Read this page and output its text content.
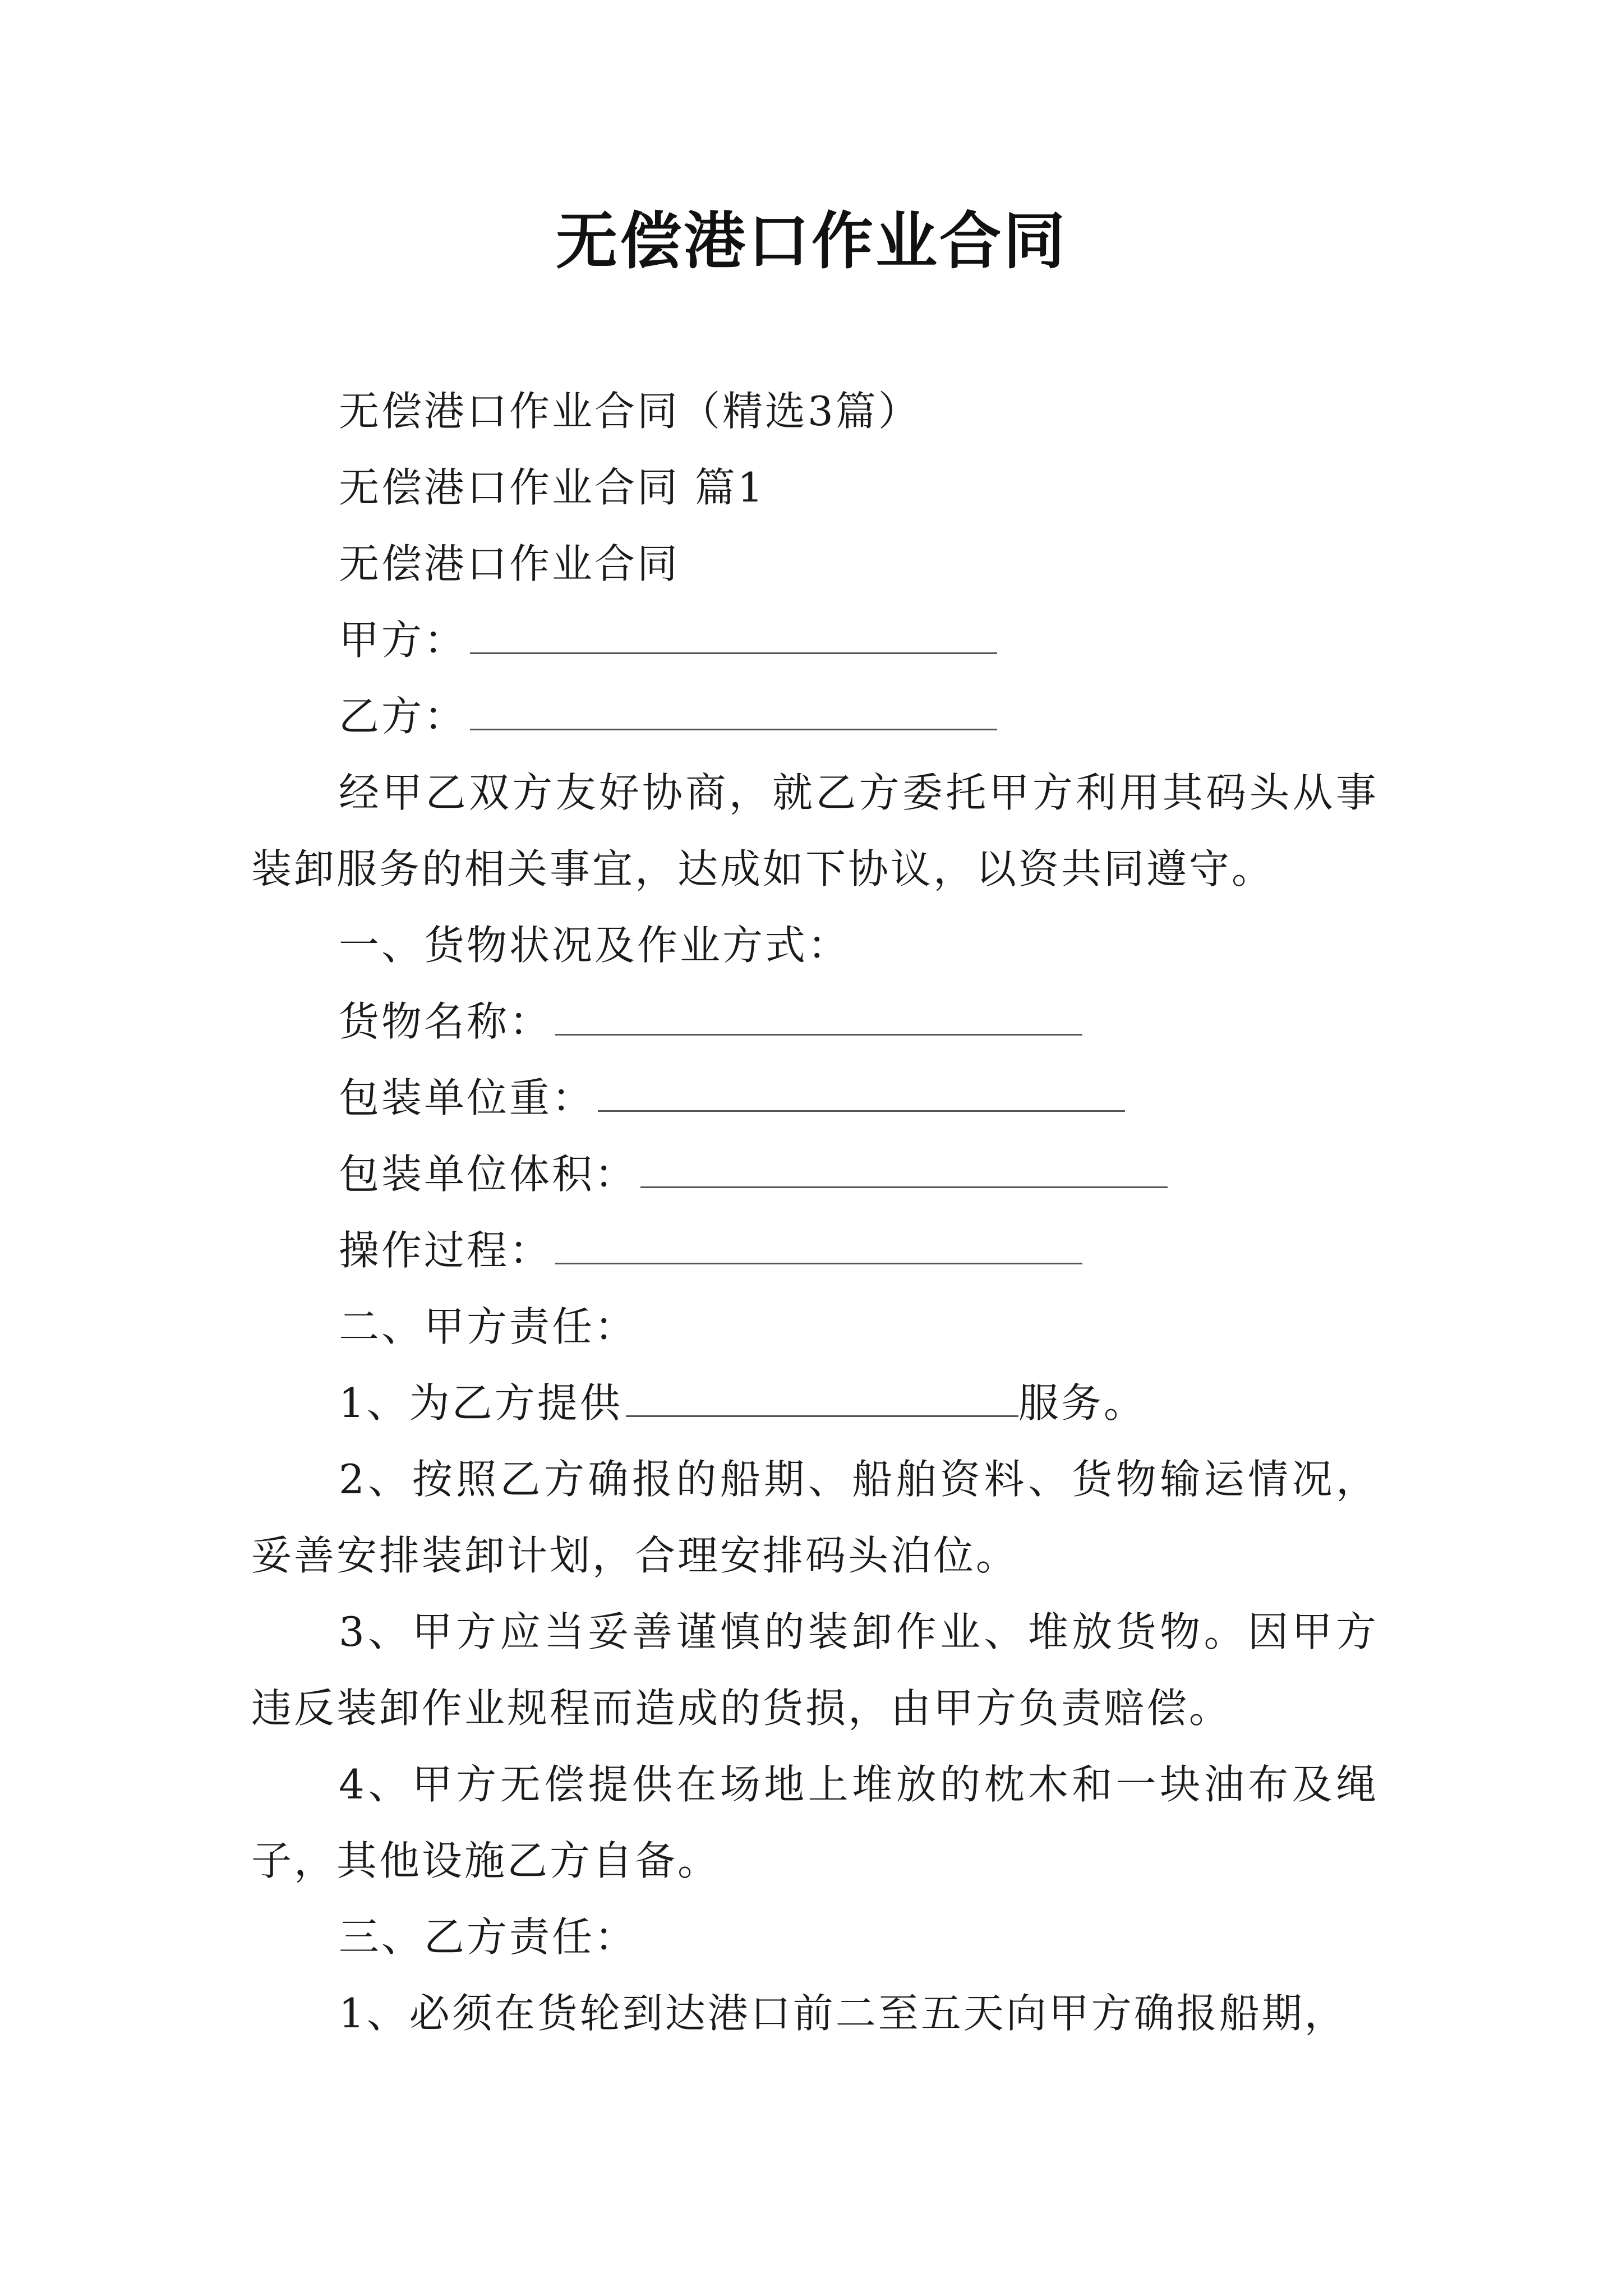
无偿港口作业合同

无偿港口作业合同（精选3篇）

无偿港口作业合同 篇1

无偿港口作业合同

甲方：

乙方：

经甲乙双方友好协商，就乙方委托甲方利用其码头从事装卸服务的相关事宜，达成如下协议，以资共同遵守。

一、货物状况及作业方式：

货物名称：

包装单位重：

包装单位体积：

操作过程：

二、甲方责任：

1、为乙方提供	服务。

2、按照乙方确报的船期、船舶资料、货物输运情况，妥善安排装卸计划，合理安排码头泊位。

3、甲方应当妥善谨慎的装卸作业、堆放货物。因甲方违反装卸作业规程而造成的货损，由甲方负责赔偿。

4、甲方无偿提供在场地上堆放的枕木和一块油布及绳子，其他设施乙方自备。

三、乙方责任：

1、必须在货轮到达港口前二至五天向甲方确报船期，
